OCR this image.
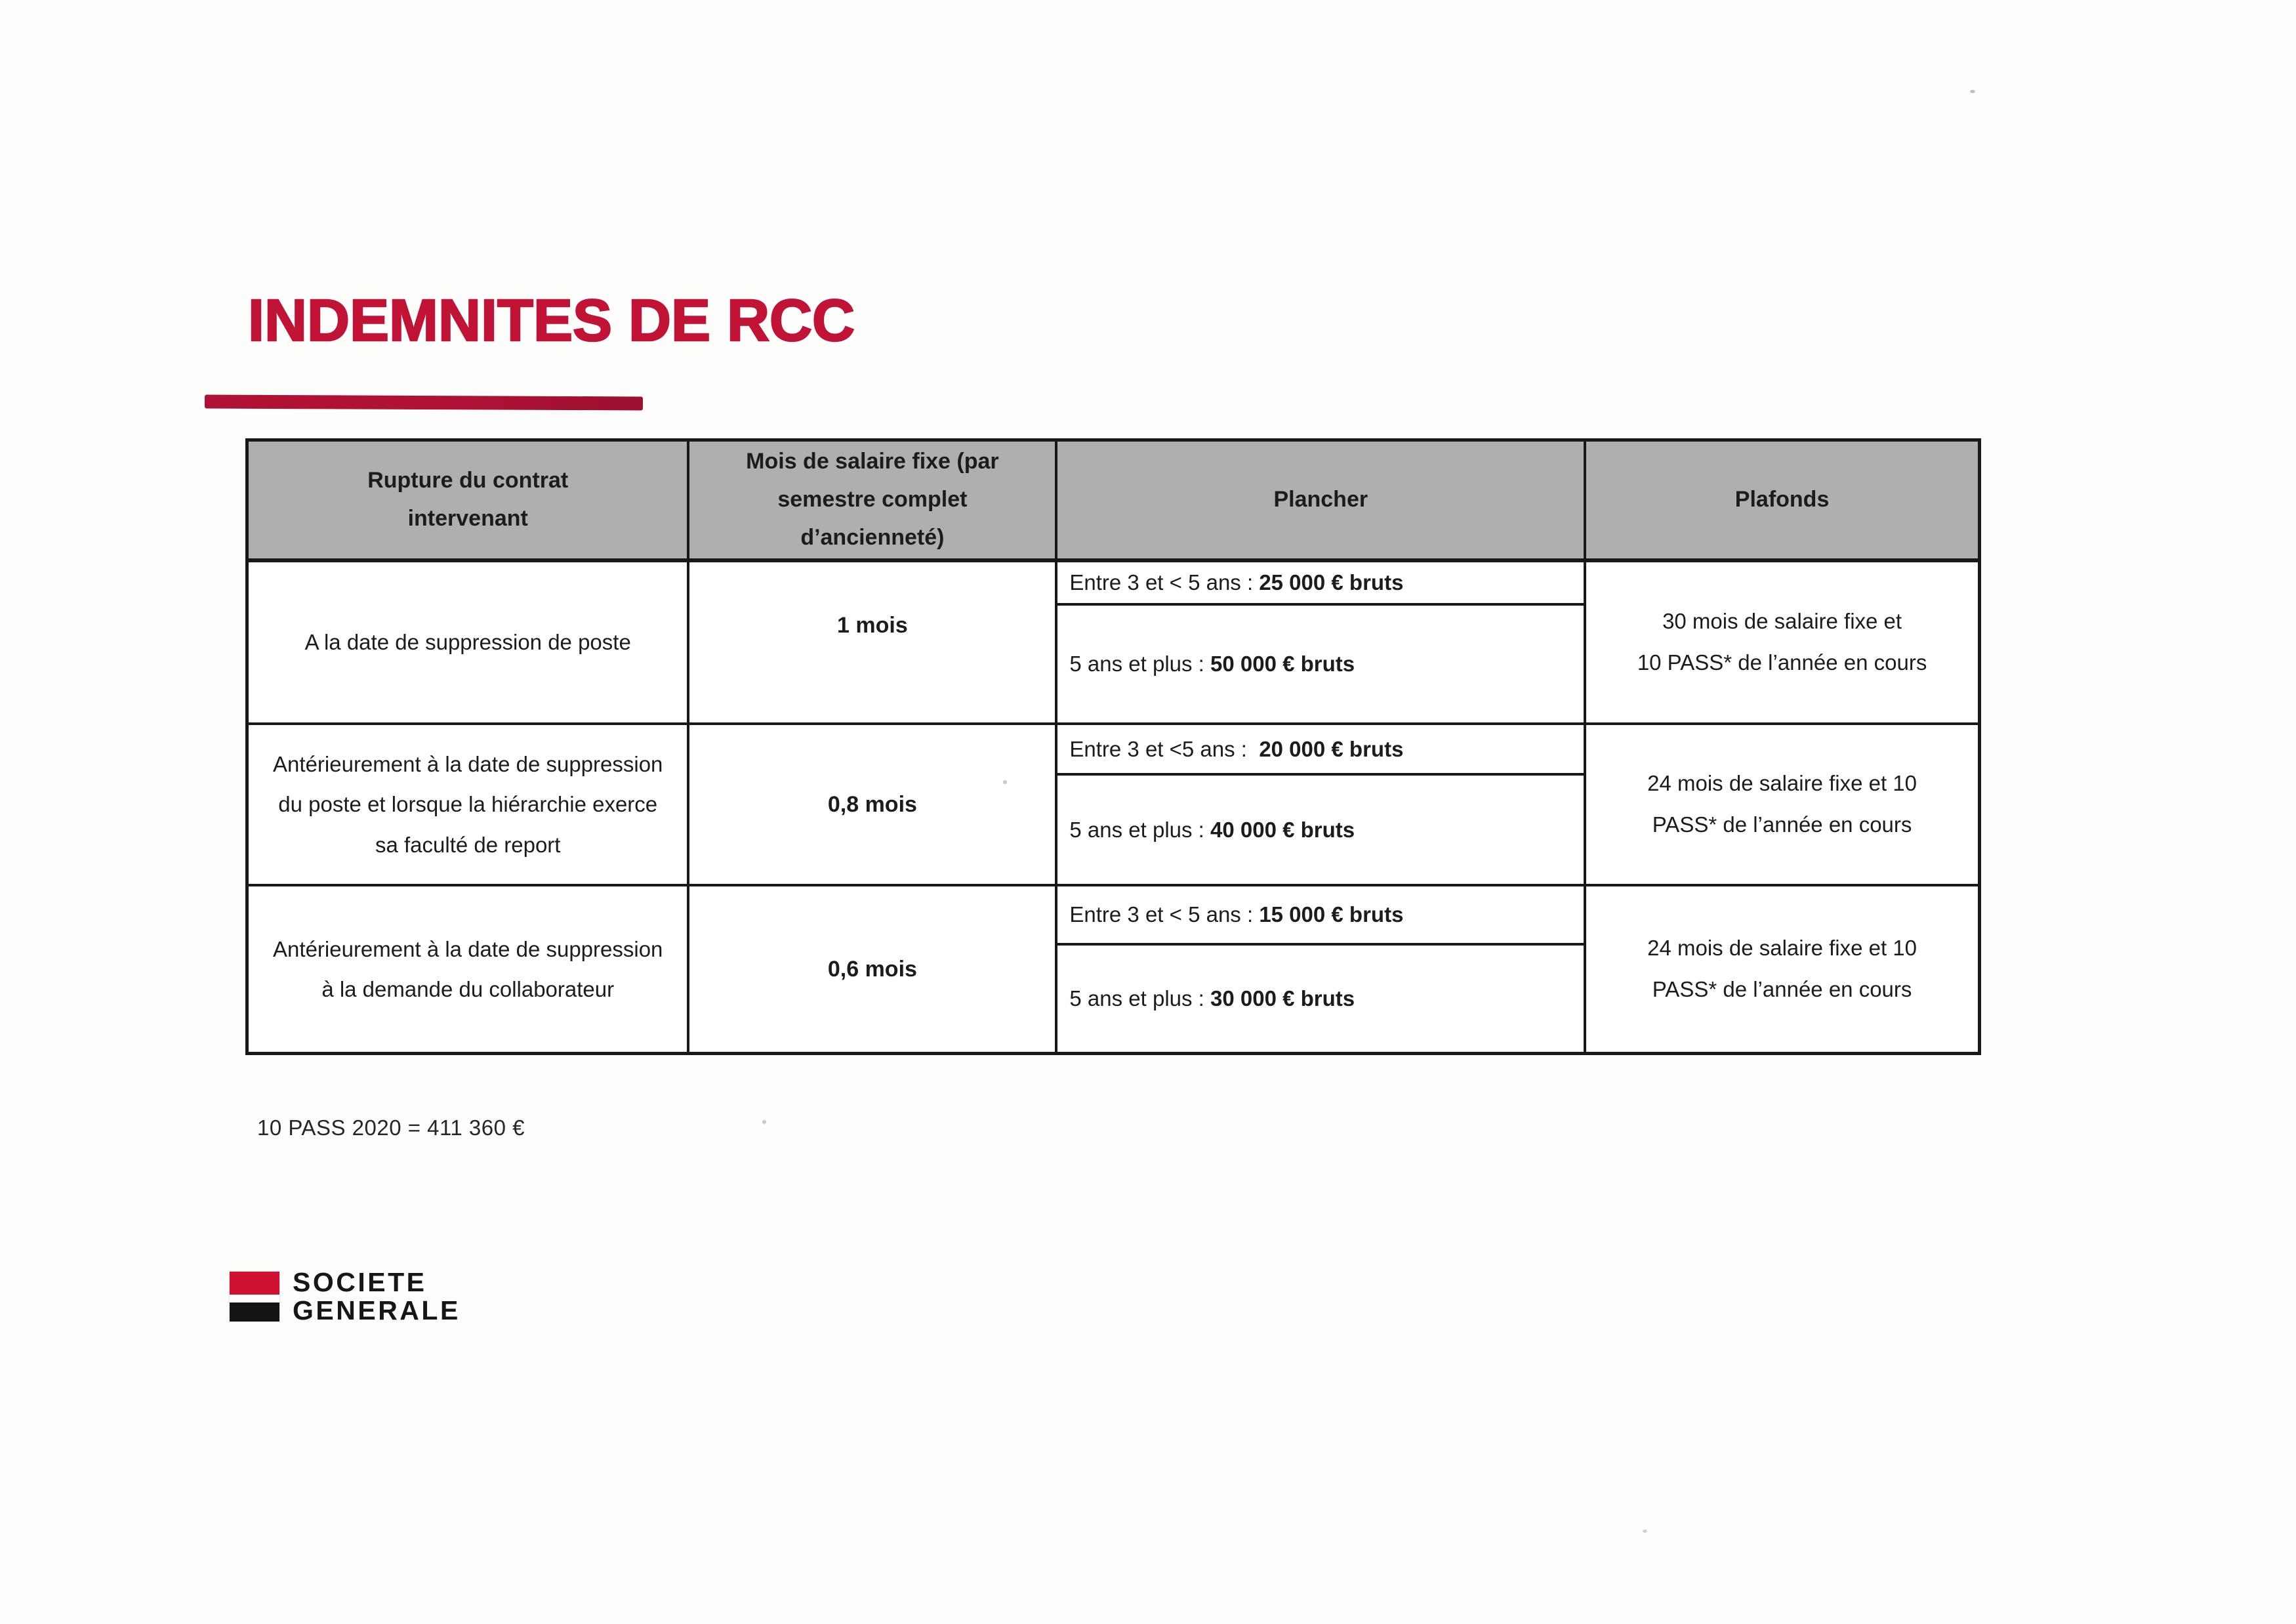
INDEMNITES DE RCC
Rupture du contrat
intervenant
Mois de salaire fixe (par
semestre complet
d’ancienneté)
Plancher	Plafonds
A la date de suppression de poste
1 mois
Entre 3 et < 5 ans :
25 000 € bruts
5 ans et plus :
50 000 € bruts
30 mois de salaire fixe et
10 PASS* de l’année en cours
Antérieurement à la date de suppression
du poste et lorsque la hiérarchie exerce
sa faculté de report
0,8 mois
Entre 3 et <5 ans :
20 000 € bruts
5 ans et plus :
40 000 € bruts
24 mois de salaire fixe et 10
PASS* de l’année en cours
Antérieurement à la date de suppression
à la demande du collaborateur
0,6 mois
Entre 3 et < 5 ans :
15 000 € bruts
5 ans et plus :
30 000 € bruts
24 mois de salaire fixe et 10
PASS* de l’année en cours
10 PASS 2020 = 411 360 €
SOCIETE
GENERALE
